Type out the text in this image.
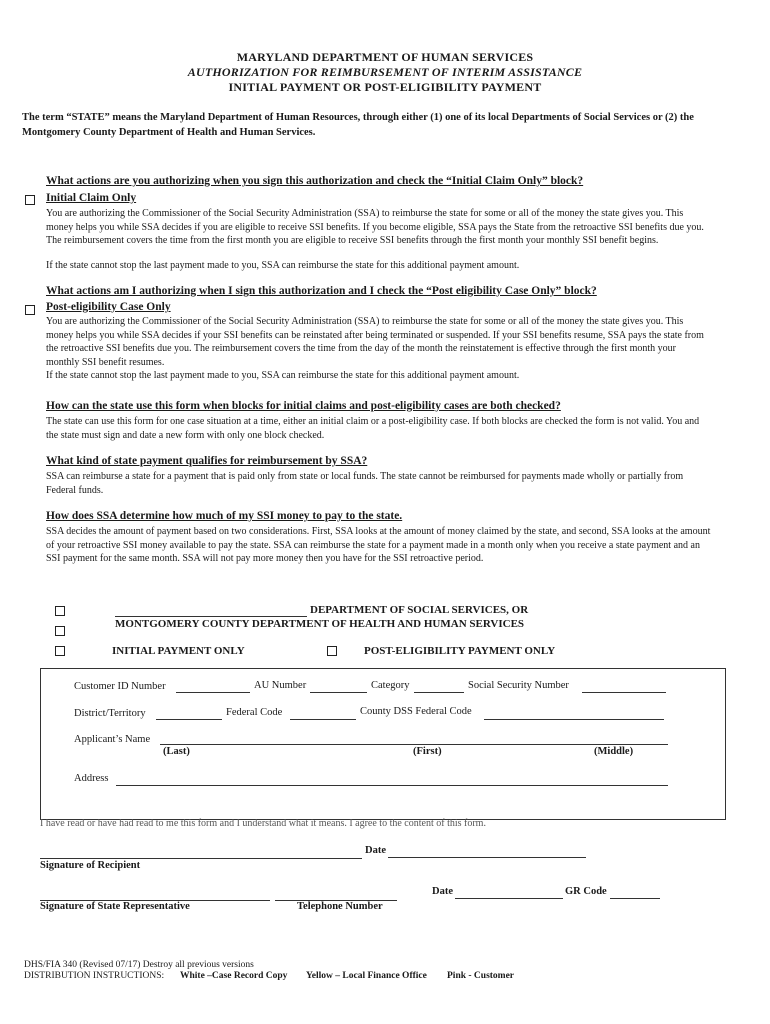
MARYLAND DEPARTMENT OF HUMAN SERVICES
AUTHORIZATION FOR REIMBURSEMENT OF INTERIM ASSISTANCE
INITIAL PAYMENT OR POST-ELIGIBILITY PAYMENT
The term “STATE” means the Maryland Department of Human Resources, through either (1) one of its local Departments of Social Services or (2) the Montgomery County Department of Health and Human Services.
What actions are you authorizing when you sign this authorization and check the “Initial Claim Only” block?
Initial Claim Only
You are authorizing the Commissioner of the Social Security Administration (SSA) to reimburse the state for some or all of the money the state gives you. This money helps you while SSA decides if you are eligible to receive SSI benefits. If you become eligible, SSA pays the State from the retroactive SSI benefits due you. The reimbursement covers the time from the first month you are eligible to receive SSI benefits through the first month your monthly SSI benefit begins.
If the state cannot stop the last payment made to you, SSA can reimburse the state for this additional payment amount.
What actions am I authorizing when I sign this authorization and I check the “Post eligibility Case Only” block?
Post-eligibility Case Only
You are authorizing the Commissioner of the Social Security Administration (SSA) to reimburse the state for some or all of the money the state gives you. This money helps you while SSA decides if your SSI benefits can be reinstated after being terminated or suspended. If your SSI benefits resume, SSA pays the state from the retroactive SSI benefits due you. The reimbursement covers the time from the day of the month the reinstatement is effective through the first month your monthly SSI benefit resumes.
If the state cannot stop the last payment made to you, SSA can reimburse the state for this additional payment amount.
How can the state use this form when blocks for initial claims and post-eligibility cases are both checked?
The state can use this form for one case situation at a time, either an initial claim or a post-eligibility case. If both blocks are checked the form is not valid. You and the state must sign and date a new form with only one block checked.
What kind of state payment qualifies for reimbursement by SSA?
SSA can reimburse a state for a payment that is paid only from state or local funds. The state cannot be reimbursed for payments made wholly or partially from Federal funds.
How does SSA determine how much of my SSI money to pay to the state.
SSA decides the amount of payment based on two considerations. First, SSA looks at the amount of money claimed by the state, and second, SSA looks at the amount of your retroactive SSI money available to pay the state. SSA can reimburse the state for a payment made in a month only when you receive a state payment and an SSI payment for the same month. SSA will not pay more money then you have for the SSI retroactive period.
DEPARTMENT OF SOCIAL SERVICES, OR
MONTGOMERY COUNTY DEPARTMENT OF HEALTH AND HUMAN SERVICES
INITIAL PAYMENT ONLY	POST-ELIGIBILITY PAYMENT ONLY
Customer ID Number	AU Number	Category	Social Security Number
District/Territory	Federal Code	County DSS Federal Code
Applicant’s Name
(Last)	(First)	(Middle)
Address
I have read or have had read to me this form and I understand what it means. I agree to the content of this form.
Date
Signature of Recipient
Date	GR Code
Signature of State Representative	Telephone Number
DHS/FIA 340 (Revised 07/17) Destroy all previous versions
DISTRIBUTION INSTRUCTIONS: White –Case Record Copy Yellow – Local Finance Office Pink - Customer
